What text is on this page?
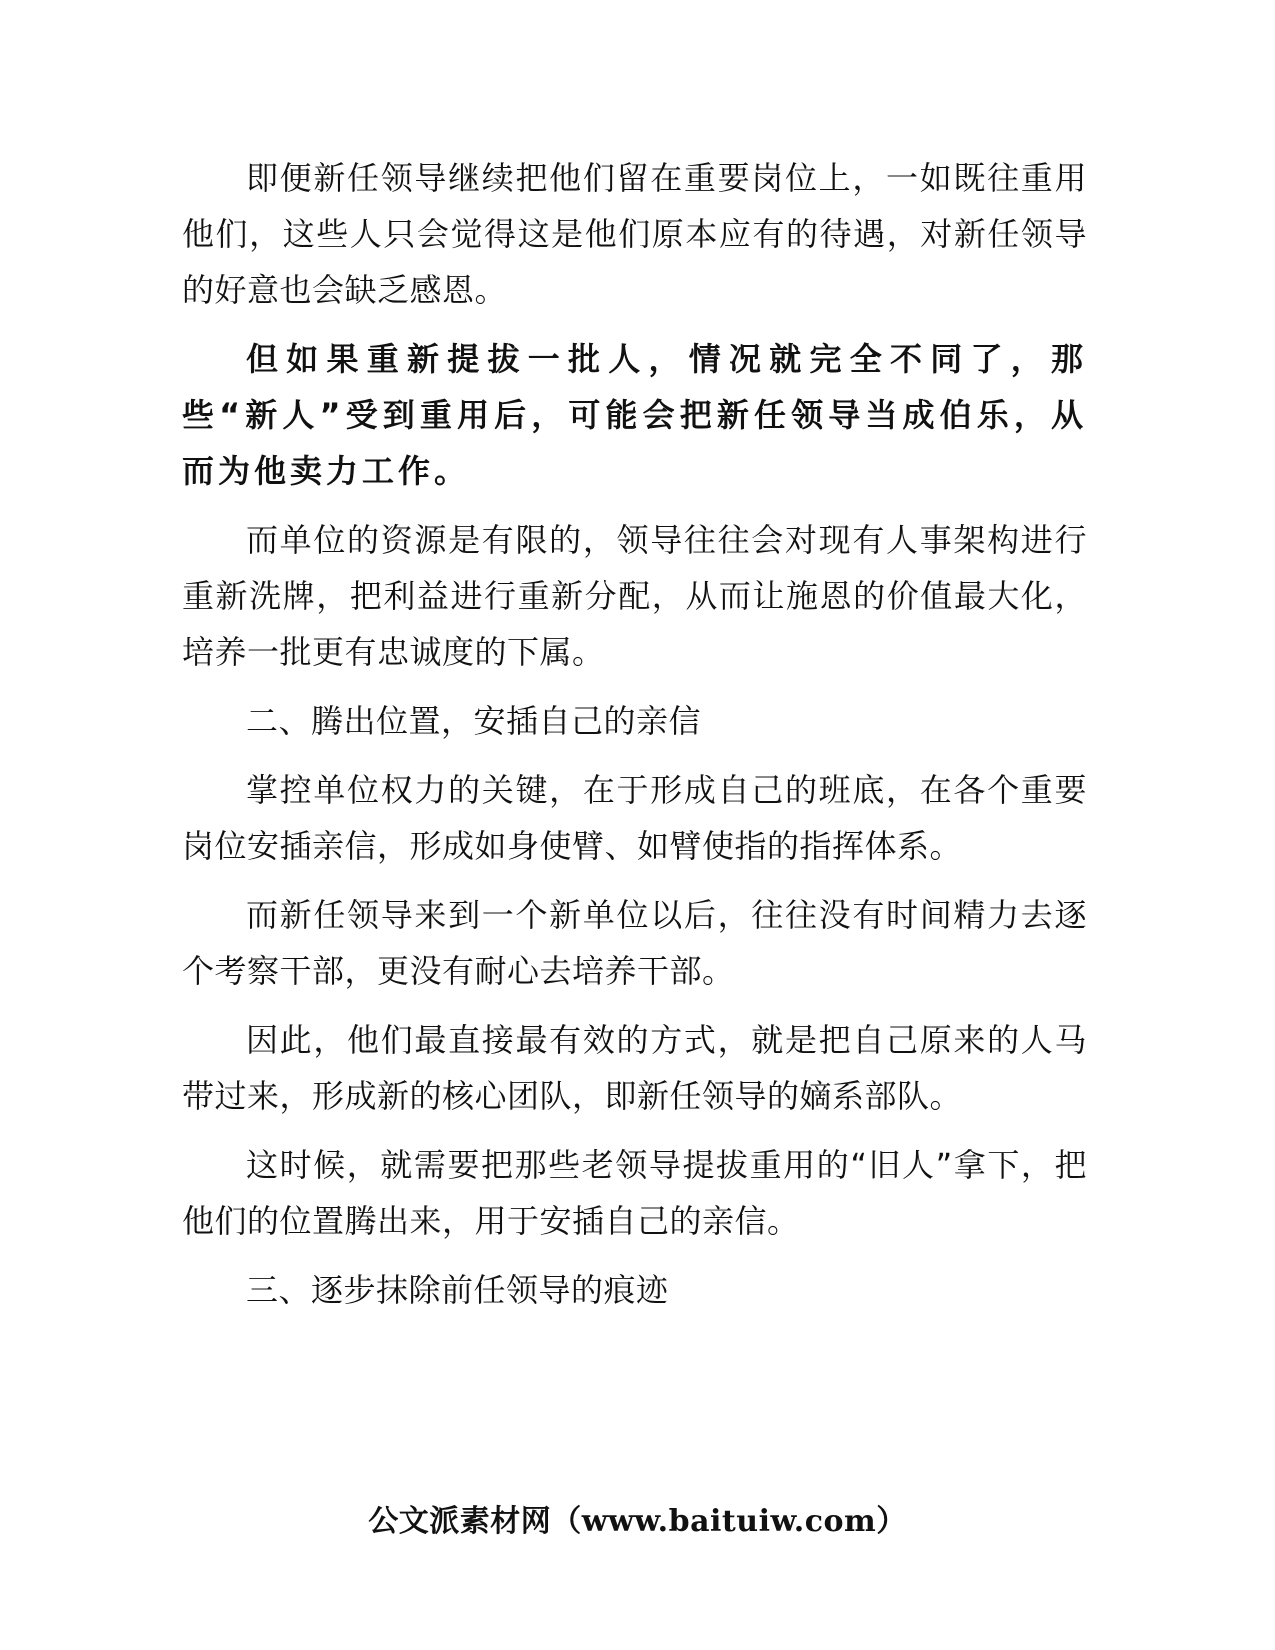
即便新任领导继续把他们留在重要岗位上，一如既往重用他们，这些人只会觉得这是他们原本应有的待遇，对新任领导的好意也会缺乏感恩。

但如果重新提拔一批人，情况就完全不同了，那些“新人”受到重用后，可能会把新任领导当成伯乐，从而为他卖力工作。

而单位的资源是有限的，领导往往会对现有人事架构进行重新洗牌，把利益进行重新分配，从而让施恩的价值最大化，培养一批更有忠诚度的下属。

二、腾出位置，安插自己的亲信

掌控单位权力的关键，在于形成自己的班底，在各个重要岗位安插亲信，形成如身使臂、如臂使指的指挥体系。

而新任领导来到一个新单位以后，往往没有时间精力去逐个考察干部，更没有耐心去培养干部。

因此，他们最直接最有效的方式，就是把自己原来的人马带过来，形成新的核心团队，即新任领导的嫡系部队。

这时候，就需要把那些老领导提拔重用的“旧人”拿下，把他们的位置腾出来，用于安插自己的亲信。

三、逐步抹除前任领导的痕迹

公文派素材网（www.baituiw.com）
